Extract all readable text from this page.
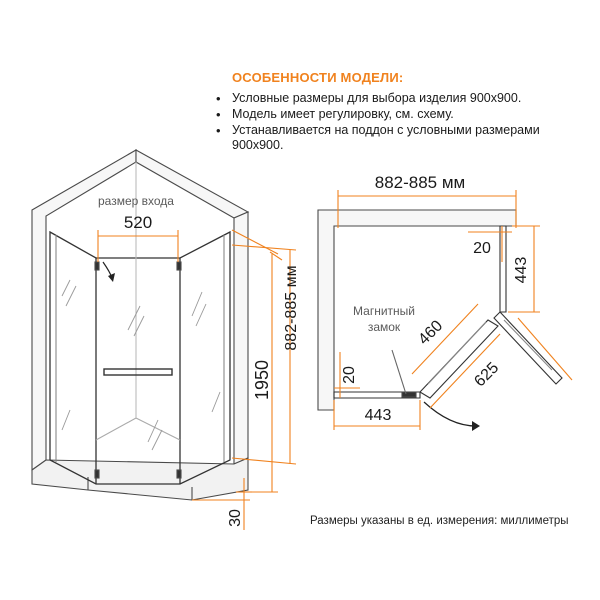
ОСОБЕННОСТИ МОДЕЛИ:
• Условные размеры для выбора изделия 900х900.
• Модель имеет регулировку, см. схему.
• Устанавливается на поддон с условными размерами 900х900.
размер входа
520
1950
882-885 мм
30
882-885 мм
20
443
Магнитный
замок 460
625
20
443
Размеры указаны в ед. измерения: миллиметры
